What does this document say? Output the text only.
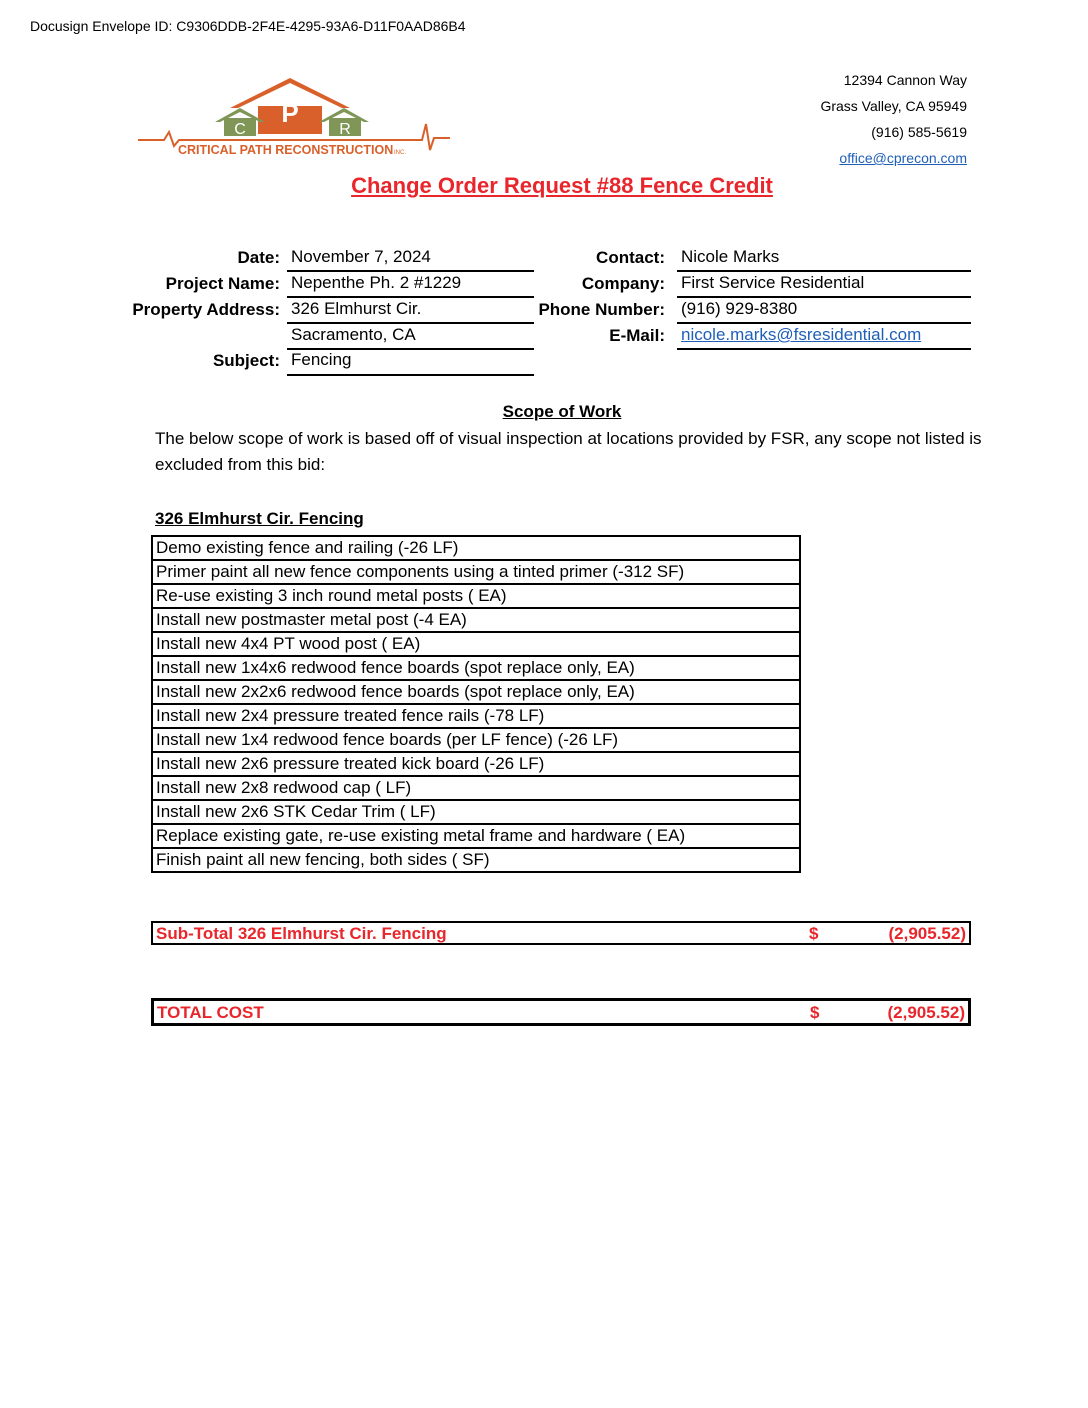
Docusign Envelope ID: C9306DDB-2F4E-4295-93A6-D11F0AAD86B4
P
C	R
CRITICAL PATH RECONSTRUCTION INC.
12394 Cannon Way
Grass Valley, CA 95949
(916) 585-5619
office@cprecon.com
Change Order Request #88 Fence Credit
Date: November 7, 2024
Project Name: Nepenthe Ph. 2 #1229
Property Address: 326 Elmhurst Cir.
Sacramento, CA
Subject: Fencing
Contact: Nicole Marks
Company: First Service Residential
Phone Number: (916) 929-8380
E-Mail: nicole.marks@fsresidential.com
Scope of Work
The below scope of work is based off of visual inspection at locations provided by FSR, any scope not listed is excluded from this bid:
326 Elmhurst Cir. Fencing
Demo existing fence and railing (-26 LF)
Primer paint all new fence components using a tinted primer (-312 SF)
Re-use existing 3 inch round metal posts ( EA)
Install new postmaster metal post (-4 EA)
Install new 4x4 PT wood post ( EA)
Install new 1x4x6 redwood fence boards (spot replace only, EA)
Install new 2x2x6 redwood fence boards (spot replace only, EA)
Install new 2x4 pressure treated fence rails (-78 LF)
Install new 1x4 redwood fence boards (per LF fence) (-26 LF)
Install new 2x6 pressure treated kick board (-26 LF)
Install new 2x8 redwood cap ( LF)
Install new 2x6 STK Cedar Trim ( LF)
Replace existing gate, re-use existing metal frame and hardware ( EA)
Finish paint all new fencing, both sides ( SF)
Sub-Total 326 Elmhurst Cir. Fencing	$	(2,905.52)
TOTAL COST	$	(2,905.52)
